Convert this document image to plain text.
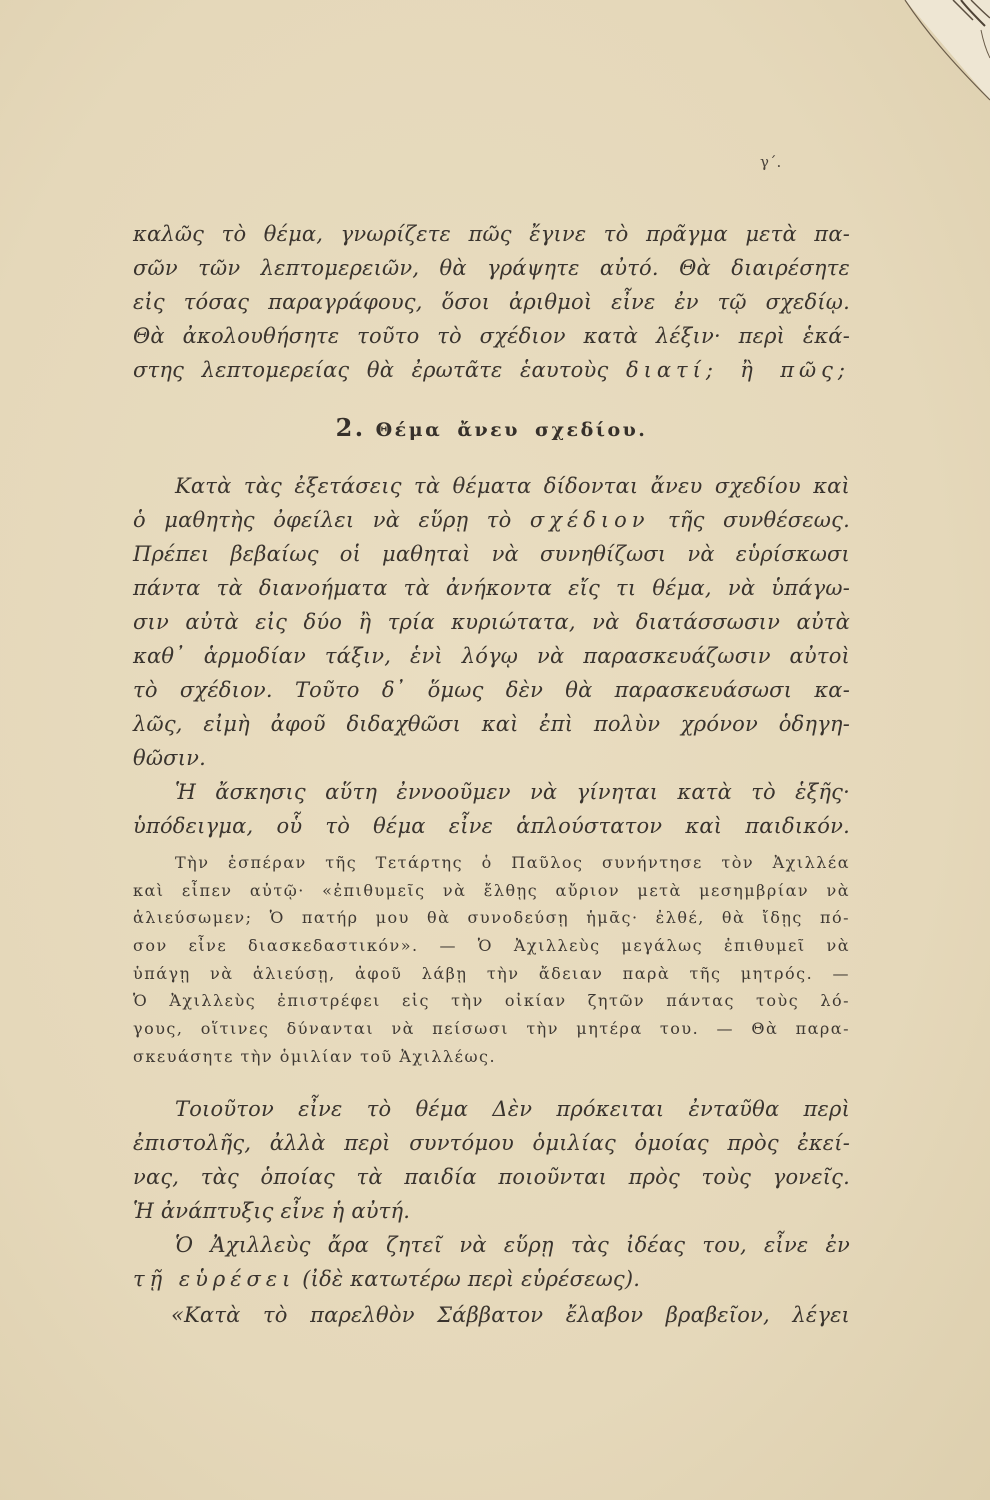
γ΄.
καλῶς τὸ θέμα, γνωρίζετε πῶς ἔγινε τὸ πρᾶγμα μετὰ πα-
σῶν τῶν λεπτομερειῶν, θὰ γράψητε αὐτό. Θὰ διαιρέσητε
εἰς τόσας παραγράφους, ὅσοι ἀριθμοὶ εἶνε ἐν τῷ σχεδίῳ.
Θὰ ἀκολουθήσητε τοῦτο τὸ σχέδιον κατὰ λέξιν· περὶ ἑκά-
στης λεπτομερείας θὰ ἐρωτᾶτε ἑαυτοὺς διατί; ἢ πῶς;
2. Θέμα ἄνευ σχεδίου.
Κατὰ τὰς ἐξετάσεις τὰ θέματα δίδονται ἄνευ σχεδίου καὶ
ὁ μαθητὴς ὀφείλει νὰ εὕρῃ τὸ σχέδιον τῆς συνθέσεως.
Πρέπει βεβαίως οἱ μαθηταὶ νὰ συνηθίζωσι νὰ εὑρίσκωσι
πάντα τὰ διανοήματα τὰ ἀνήκοντα εἴς τι θέμα, νὰ ὑπάγω-
σιν αὐτὰ εἰς δύο ἢ τρία κυριώτατα, νὰ διατάσσωσιν αὐτὰ
καθ᾽ ἁρμοδίαν τάξιν, ἑνὶ λόγῳ νὰ παρασκευάζωσιν αὐτοὶ
τὸ σχέδιον. Τοῦτο δ᾽ ὅμως δὲν θὰ παρασκευάσωσι κα-
λῶς, εἰμὴ ἀφοῦ διδαχθῶσι καὶ ἐπὶ πολὺν χρόνον ὁδηγη-
θῶσιν.
Ἡ ἄσκησις αὕτη ἐννοοῦμεν νὰ γίνηται κατὰ τὸ ἑξῆς·
ὑπόδειγμα, οὗ τὸ θέμα εἶνε ἁπλούστατον καὶ παιδικόν.
Τὴν ἑσπέραν τῆς Τετάρτης ὁ Παῦλος συνήντησε τὸν Ἀχιλλέα
καὶ εἶπεν αὐτῷ· «ἐπιθυμεῖς νὰ ἔλθῃς αὔριον μετὰ μεσημβρίαν νὰ
ἁλιεύσωμεν; Ὁ πατήρ μου θὰ συνοδεύσῃ ἡμᾶς· ἐλθέ, θὰ ἴδῃς πό-
σον εἶνε διασκεδαστικόν». — Ὁ Ἀχιλλεὺς μεγάλως ἐπιθυμεῖ νὰ
ὑπάγῃ νὰ ἁλιεύσῃ, ἀφοῦ λάβῃ τὴν ἄδειαν παρὰ τῆς μητρός. —
Ὁ Ἀχιλλεὺς ἐπιστρέφει εἰς τὴν οἰκίαν ζητῶν πάντας τοὺς λό-
γους, οἵτινες δύνανται νὰ πείσωσι τὴν μητέρα του. — Θὰ παρα-
σκευάσητε τὴν ὁμιλίαν τοῦ Ἀχιλλέως.
Τοιοῦτον εἶνε τὸ θέμα Δὲν πρόκειται ἐνταῦθα περὶ
ἐπιστολῆς, ἀλλὰ περὶ συντόμου ὁμιλίας ὁμοίας πρὸς ἐκεί-
νας, τὰς ὁποίας τὰ παιδία ποιοῦνται πρὸς τοὺς γονεῖς.
Ἡ ἀνάπτυξις εἶνε ἡ αὐτή.
Ὁ Ἀχιλλεὺς ἄρα ζητεῖ νὰ εὕρῃ τὰς ἰδέας του, εἶνε ἐν
τῇ εὑρέσει (ἰδὲ κατωτέρω περὶ εὑρέσεως).
«Κατὰ τὸ παρελθὸν Σάββατον ἔλαβον βραβεῖον, λέγει
